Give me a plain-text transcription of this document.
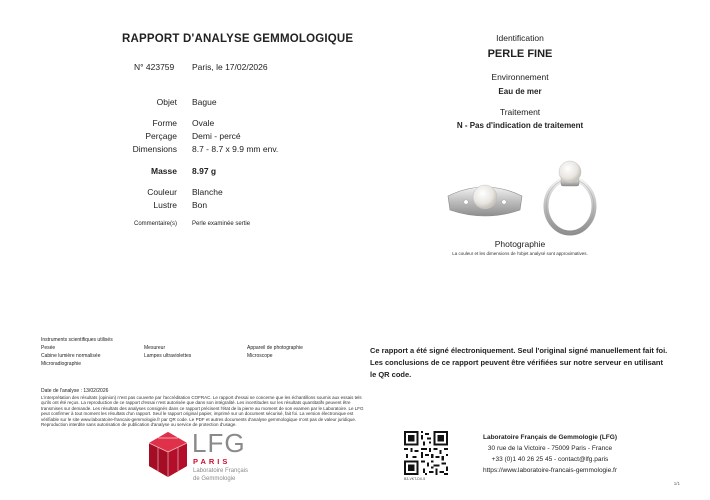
RAPPORT D'ANALYSE GEMMOLOGIQUE
N° 423759 Paris, le 17/02/2026
Objet Bague
Forme Ovale
Perçage Demi - percé
Dimensions 8.7 - 8.7 x 9.9 mm env.
Masse 8.97 g
Couleur Blanche
Lustre Bon
Commentaire(s)	Perle examinée sertie
Identification
PERLE FINE
Environnement
Eau de mer
Traitement
N - Pas d'indication de traitement
Photographie
La couleur et les dimensions de l'objet analysé sont approximatives.
Instruments scientifiques utilisés
Pesée	Mesureur	Appareil de photographie
Cabine lumière normalisée	Lampes ultraviolettes	Microscope
Microradiographie
Date de l'analyse : 13/02/2026
L'interprétation des résultats (opinion) n'est pas couverte par l'accréditation COFRAC. Le rapport d'essai ne concerne que les échantillons soumis aux essais tels qu'ils ont été reçus. La reproduction de ce rapport d'essai n'est autorisée que dans son intégralité. Les incertitudes sur les résultats quantitatifs peuvent être transmises sur demande. Les résultats des analyses consignés dans ce rapport précisent l'état de la pierre au moment de son examen par le Laboratoire. Le LFG peut confirmer à tout moment les résultats d'un rapport. Seul le rapport original papier, imprimé sur un document sécurisé, fait foi. La version électronique est vérifiable sur le site www.laboratoire-francais-gemmologie.fr par QR code. Le PDF et autres documents d'analyse gemmologique n'ont pas de valeur juridique. Reproduction interdite sans autorisation de publication d'analyse ou service de protection d'usage.
Ce rapport a été signé électroniquement. Seul l'original signé manuellement fait foi. Les conclusions de ce rapport peuvent être vérifiées sur notre serveur en utilisant le QR code.
LFG
PARIS
Laboratoire Français
de Gemmologie	B3-VKT-DX-5
Laboratoire Français de Gemmologie (LFG)
30 rue de la Victoire - 75009 Paris - France
+33 (0)1 40 26 25 45 - contact@lfg.paris
https://www.laboratoire-francais-gemmologie.fr
1/1
